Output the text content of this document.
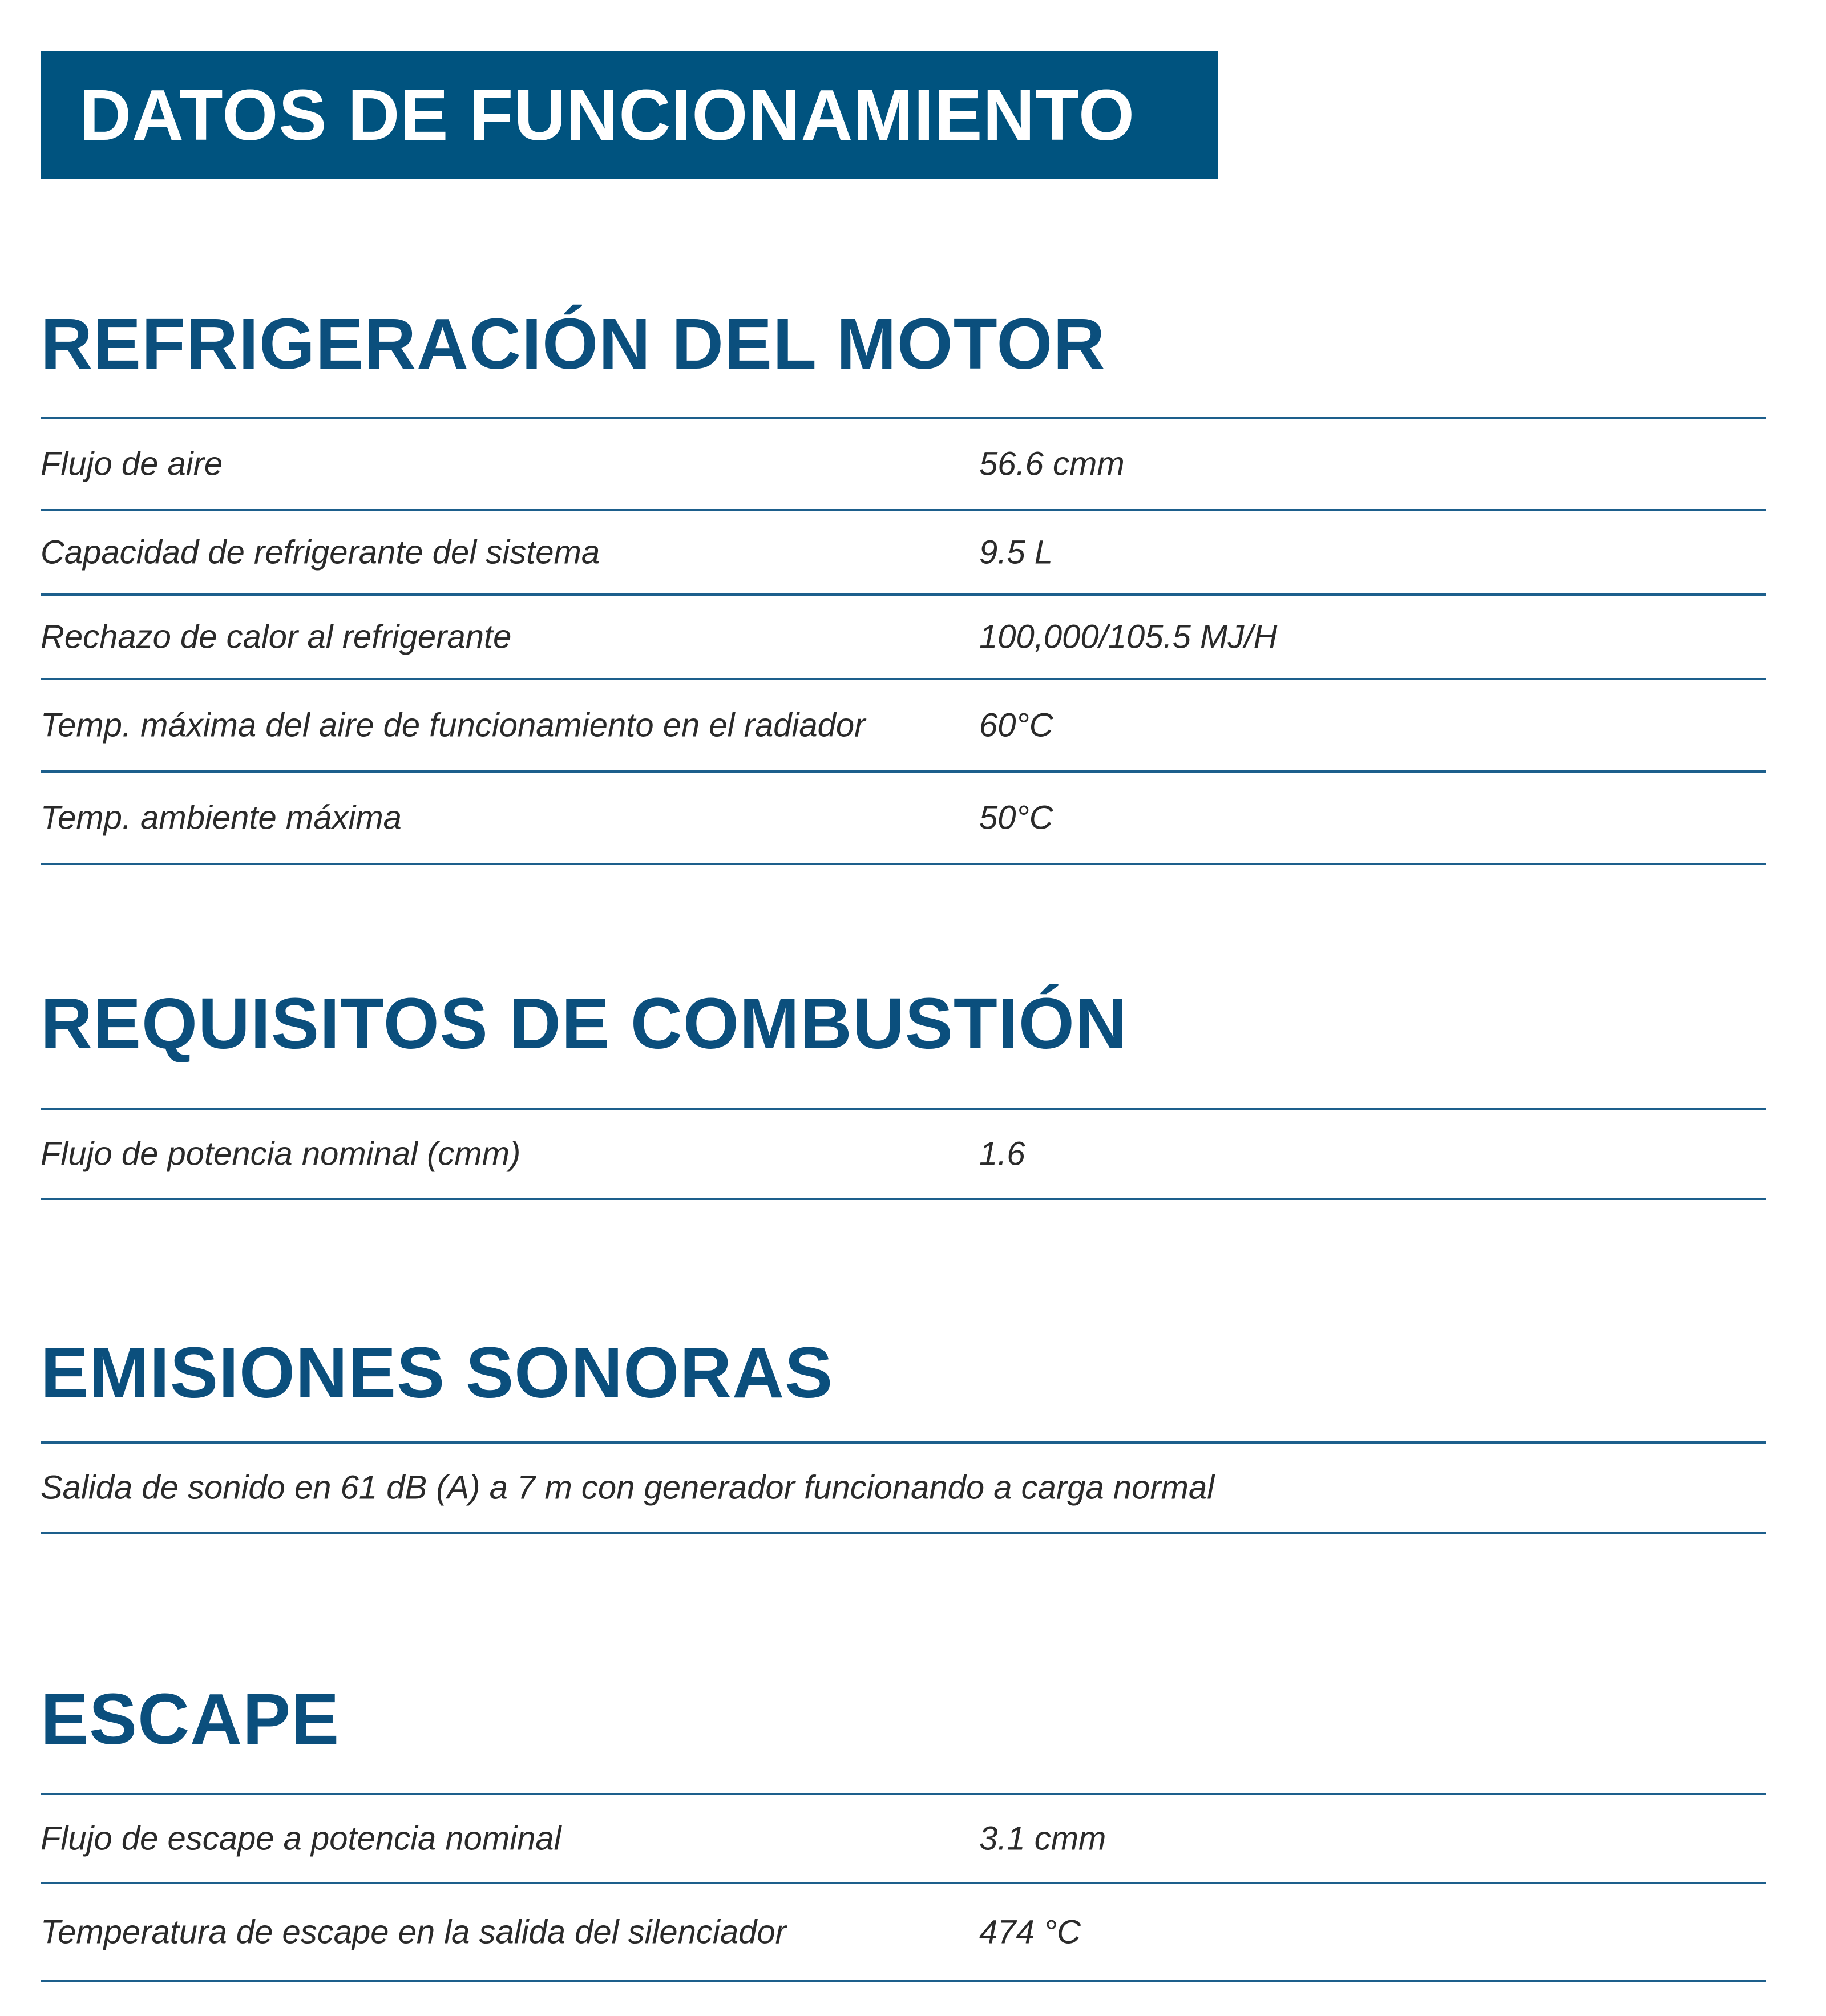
DATOS DE FUNCIONAMIENTO
REFRIGERACIÓN DEL MOTOR
Flujo de aire	56.6 cmm
Capacidad de refrigerante del sistema	9.5 L
Rechazo de calor al refrigerante	100,000/105.5 MJ/H
Temp. máxima del aire de funcionamiento en el radiador	60°C
Temp. ambiente máxima	50°C
REQUISITOS DE COMBUSTIÓN
Flujo de potencia nominal (cmm)	1.6
EMISIONES SONORAS
Salida de sonido en 61 dB (A) a 7 m con generador funcionando a carga normal
ESCAPE
Flujo de escape a potencia nominal	3.1 cmm
Temperatura de escape en la salida del silenciador	474 °C
